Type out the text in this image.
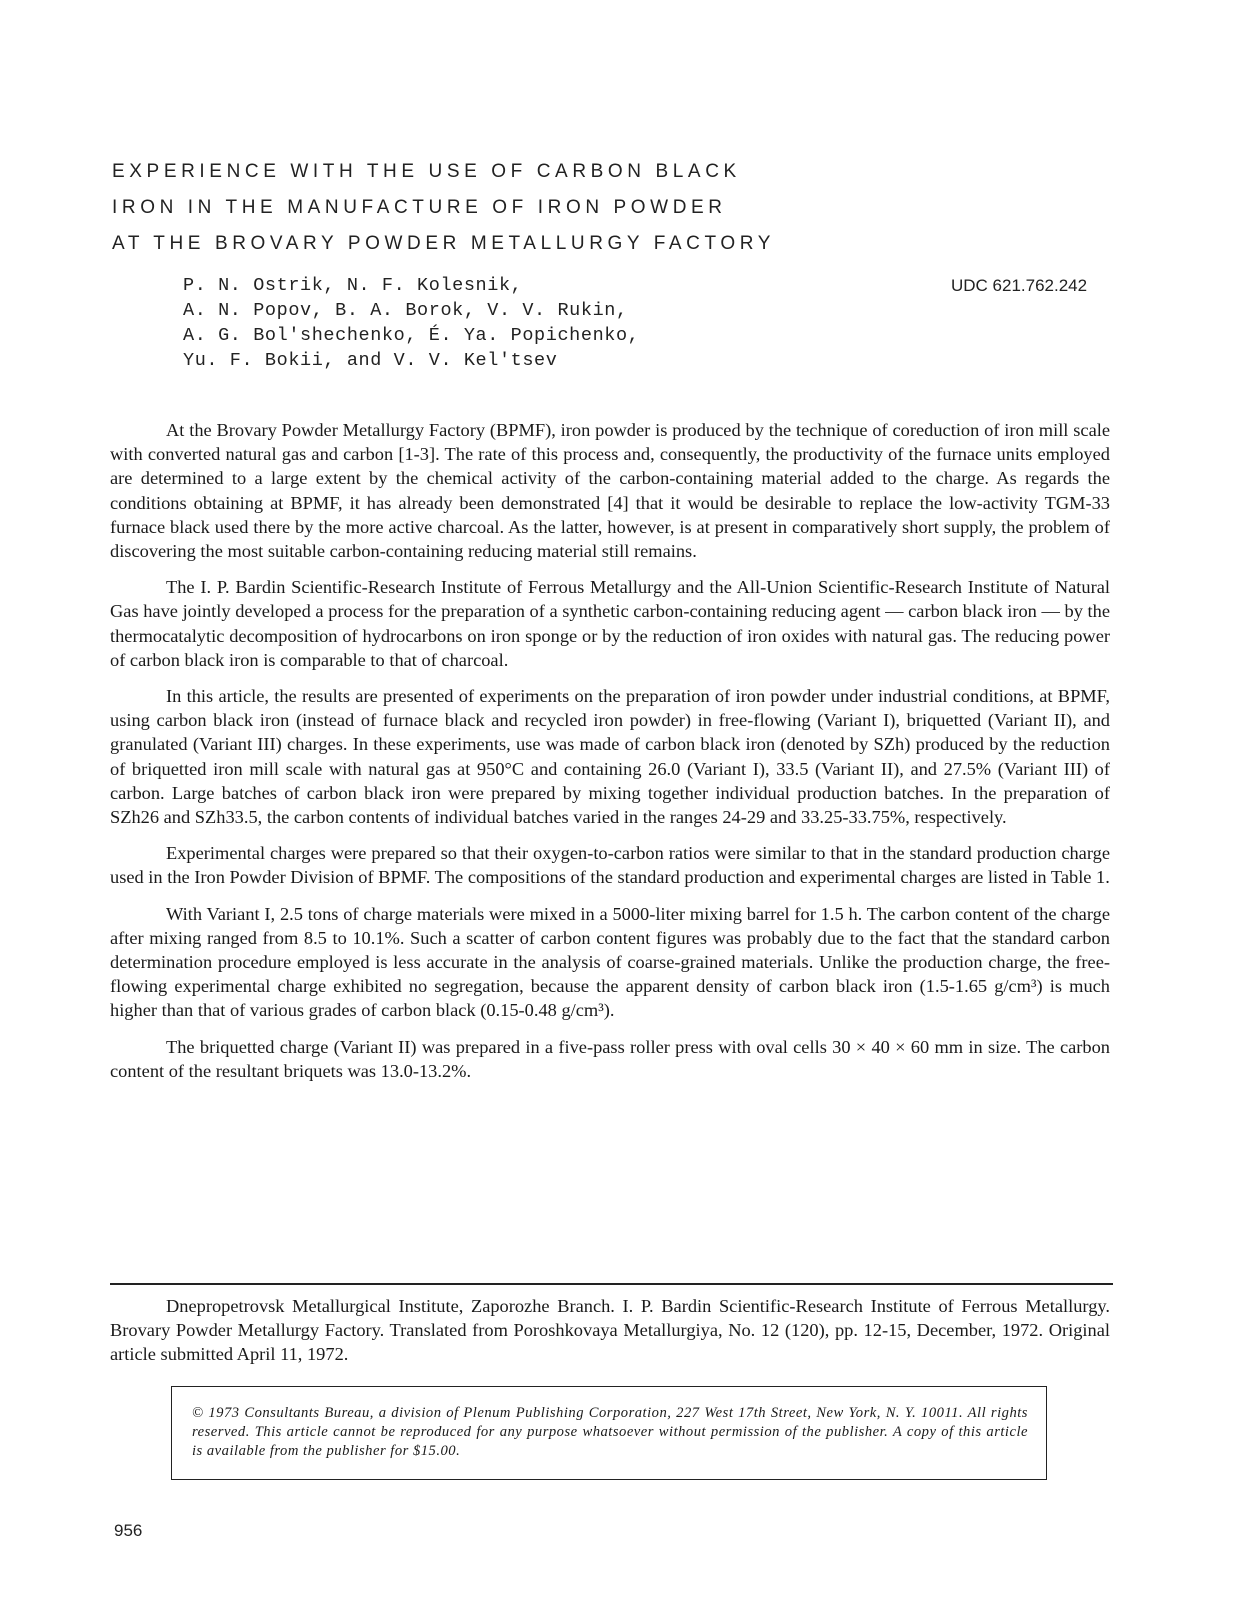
EXPERIENCE WITH THE USE OF CARBON BLACK
IRON IN THE MANUFACTURE OF IRON POWDER
AT THE BROVARY POWDER METALLURGY FACTORY
P. N. Ostrik, N. F. Kolesnik,
A. N. Popov, B. A. Borok, V. V. Rukin,
A. G. Bol'shechenko, É. Ya. Popichenko,
Yu. F. Bokii, and V. V. Kel'tsev
UDC 621.762.242

At the Brovary Powder Metallurgy Factory (BPMF), iron powder is produced by the technique of coreduction of iron mill scale with converted natural gas and carbon [1-3]. The rate of this process and, consequently, the productivity of the furnace units employed are determined to a large extent by the chemical activity of the carbon-containing material added to the charge. As regards the conditions obtaining at BPMF, it has already been demonstrated [4] that it would be desirable to replace the low-activity TGM-33 furnace black used there by the more active charcoal. As the latter, however, is at present in comparatively short supply, the problem of discovering the most suitable carbon-containing reducing material still remains.

The I. P. Bardin Scientific-Research Institute of Ferrous Metallurgy and the All-Union Scientific-Research Institute of Natural Gas have jointly developed a process for the preparation of a synthetic carbon-containing reducing agent — carbon black iron — by the thermocatalytic decomposition of hydrocarbons on iron sponge or by the reduction of iron oxides with natural gas. The reducing power of carbon black iron is comparable to that of charcoal.

In this article, the results are presented of experiments on the preparation of iron powder under industrial conditions, at BPMF, using carbon black iron (instead of furnace black and recycled iron powder) in free-flowing (Variant I), briquetted (Variant II), and granulated (Variant III) charges. In these experiments, use was made of carbon black iron (denoted by SZh) produced by the reduction of briquetted iron mill scale with natural gas at 950°C and containing 26.0 (Variant I), 33.5 (Variant II), and 27.5% (Variant III) of carbon. Large batches of carbon black iron were prepared by mixing together individual production batches. In the preparation of SZh26 and SZh33.5, the carbon contents of individual batches varied in the ranges 24-29 and 33.25-33.75%, respectively.

Experimental charges were prepared so that their oxygen-to-carbon ratios were similar to that in the standard production charge used in the Iron Powder Division of BPMF. The compositions of the standard production and experimental charges are listed in Table 1.

With Variant I, 2.5 tons of charge materials were mixed in a 5000-liter mixing barrel for 1.5 h. The carbon content of the charge after mixing ranged from 8.5 to 10.1%. Such a scatter of carbon content figures was probably due to the fact that the standard carbon determination procedure employed is less accurate in the analysis of coarse-grained materials. Unlike the production charge, the free-flowing experimental charge exhibited no segregation, because the apparent density of carbon black iron (1.5-1.65 g/cm³) is much higher than that of various grades of carbon black (0.15-0.48 g/cm³).

The briquetted charge (Variant II) was prepared in a five-pass roller press with oval cells 30 × 40 × 60 mm in size. The carbon content of the resultant briquets was 13.0-13.2%.

Dnepropetrovsk Metallurgical Institute, Zaporozhe Branch. I. P. Bardin Scientific-Research Institute of Ferrous Metallurgy. Brovary Powder Metallurgy Factory. Translated from Poroshkovaya Metallurgiya, No. 12 (120), pp. 12-15, December, 1972. Original article submitted April 11, 1972.

© 1973 Consultants Bureau, a division of Plenum Publishing Corporation, 227 West 17th Street, New York, N. Y. 10011. All rights reserved. This article cannot be reproduced for any purpose whatsoever without permission of the publisher. A copy of this article is available from the publisher for $15.00.

956
